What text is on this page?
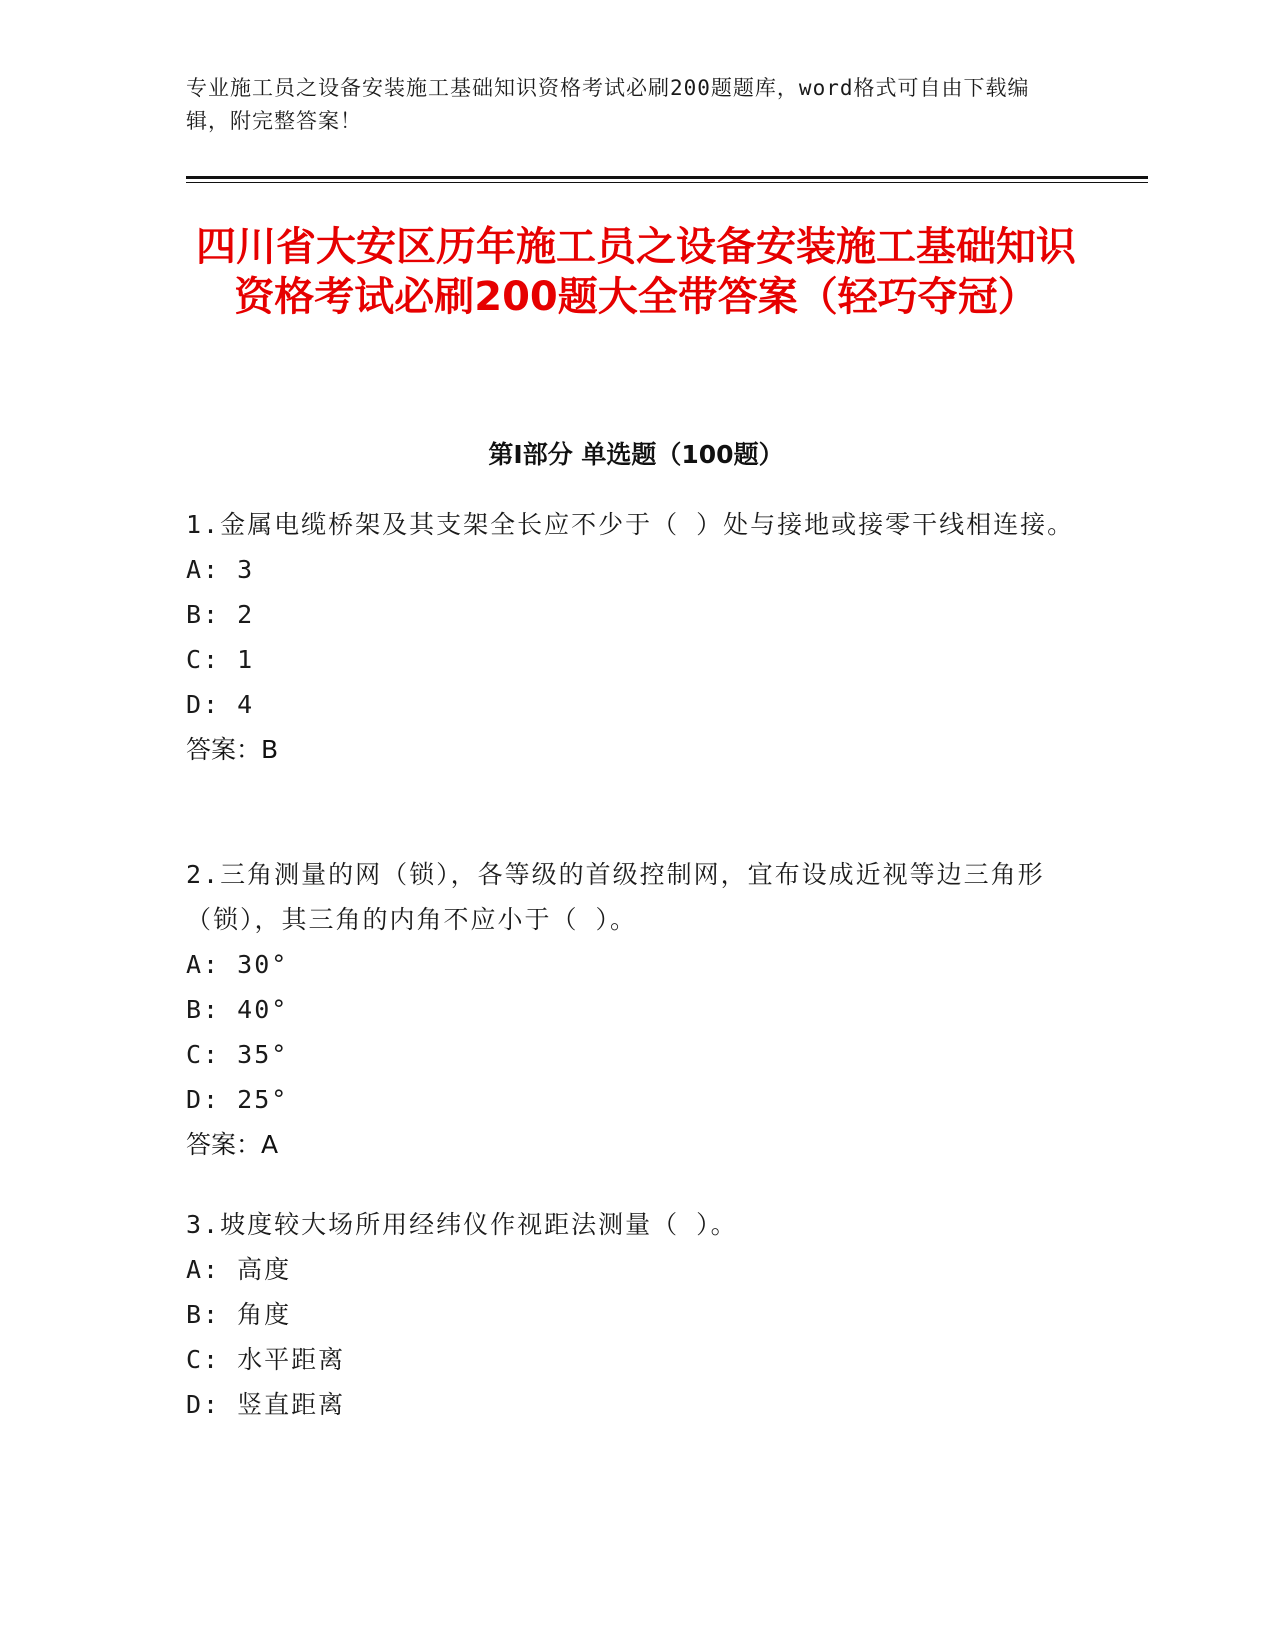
专业施工员之设备安装施工基础知识资格考试必刷200题题库，word格式可自由下载编辑，附完整答案！
四川省大安区历年施工员之设备安装施工基础知识资格考试必刷200题大全带答案（轻巧夺冠）
第Ⅰ部分 单选题（100题）
1.金属电缆桥架及其支架全长应不少于（ ）处与接地或接零干线相连接。
A: 3
B: 2
C: 1
D: 4
答案：B
2.三角测量的网（锁），各等级的首级控制网，宜布设成近视等边三角形（锁），其三角的内角不应小于（ ）。
A: 30°
B: 40°
C: 35°
D: 25°
答案：A
3.坡度较大场所用经纬仪作视距法测量（ ）。
A: 高度
B: 角度
C: 水平距离
D: 竖直距离
